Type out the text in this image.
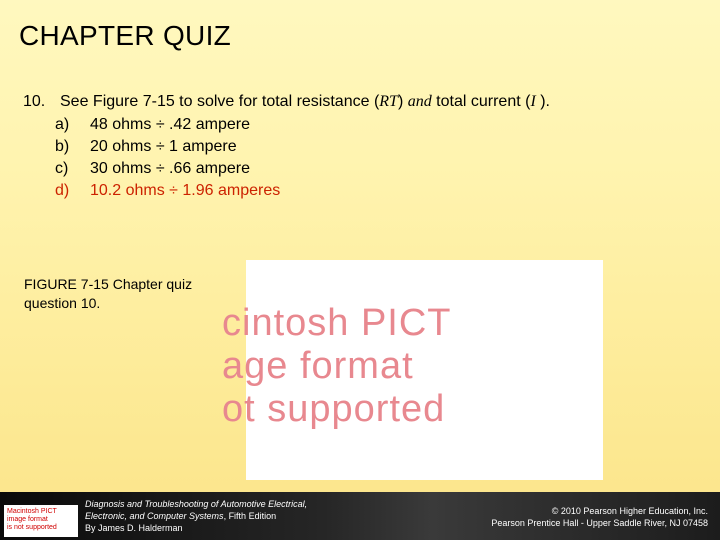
CHAPTER QUIZ
10. See Figure 7-15 to solve for total resistance (RT) and total current (I ).
a)	48 ohms ÷ .42 ampere
b)	20 ohms ÷ 1 ampere
c)	30 ohms ÷ .66 ampere
d)	10.2 ohms ÷ 1.96 amperes
FIGURE 7-15 Chapter quiz question 10.	cintosh PICT
age format
ot supported
Macintosh PICT
image format
is not supported
Diagnosis and Troubleshooting of Automotive Electrical,
Electronic, and Computer Systems, Fifth Edition
By James D. Halderman
© 2010 Pearson Higher Education, Inc.
Pearson Prentice Hall - Upper Saddle River, NJ 07458
